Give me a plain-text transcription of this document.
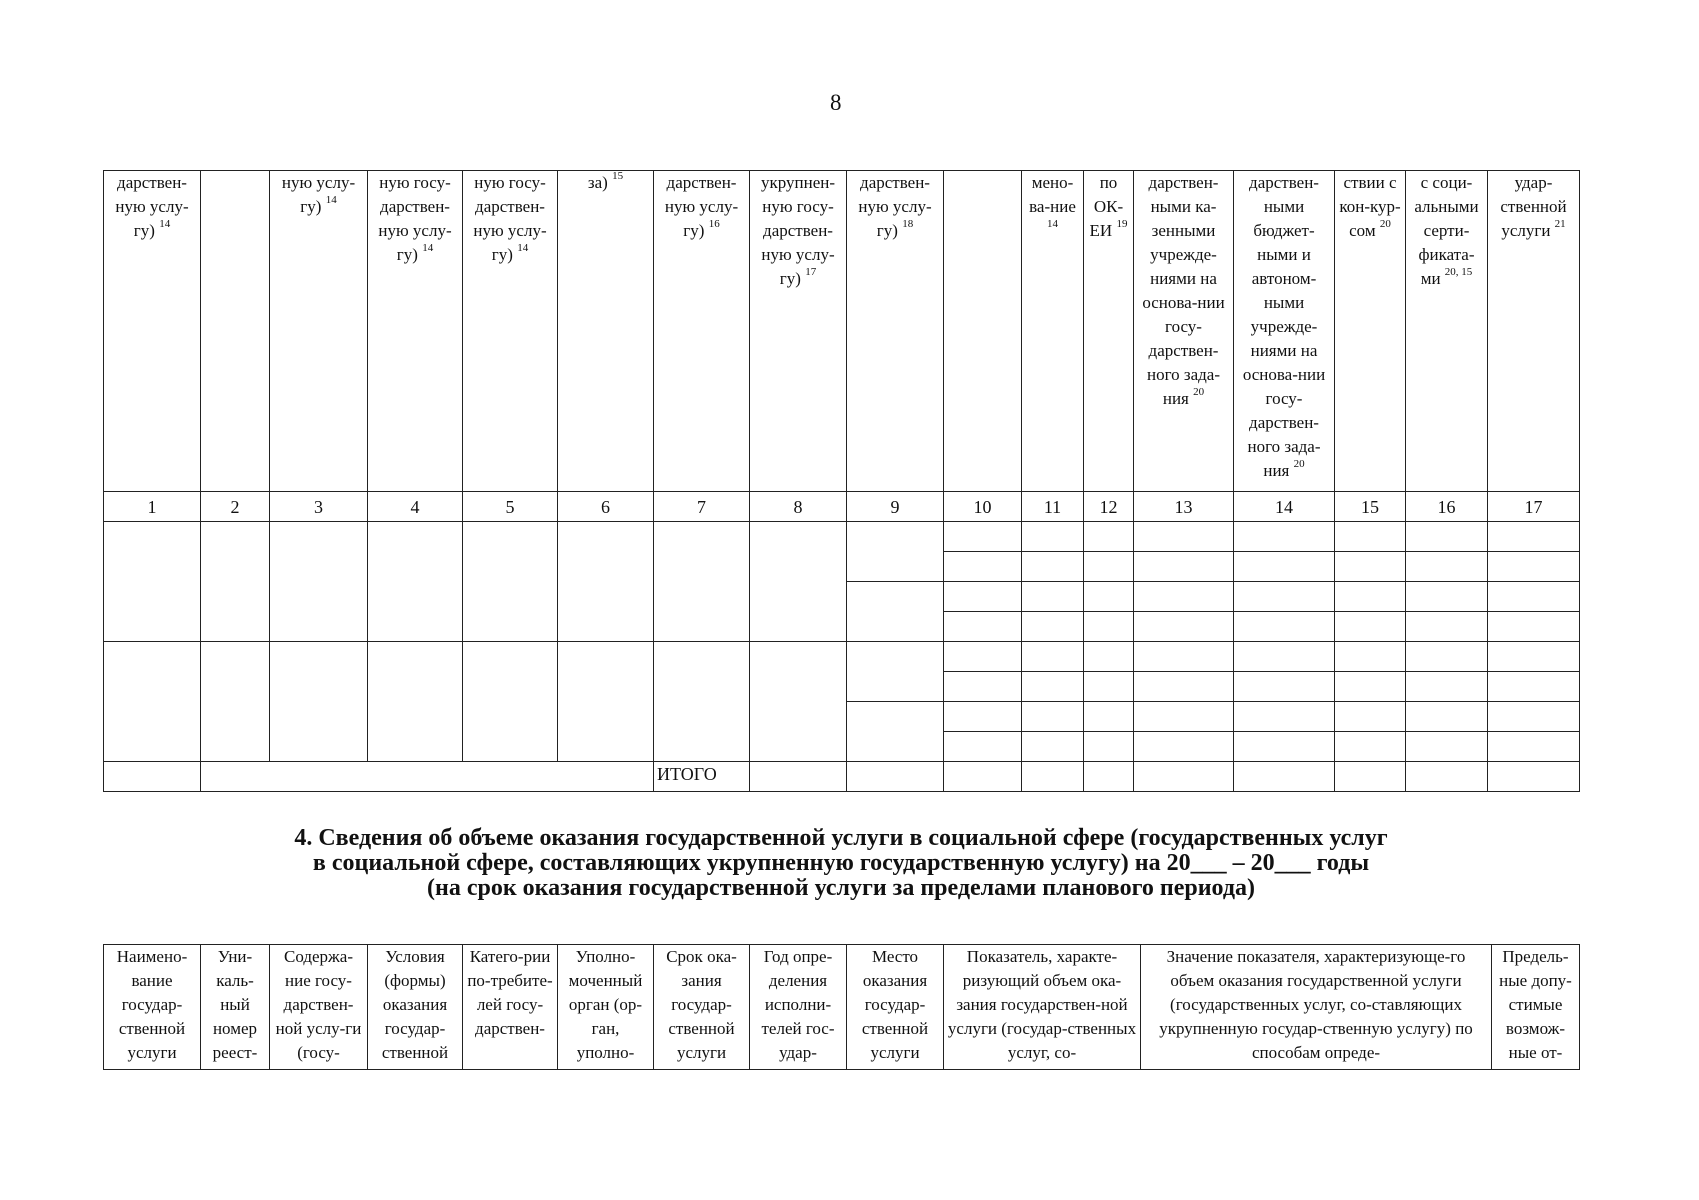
8
дарствен-ную услу-гу) $^{14}$		ную услу-гу) $^{14}$	ную госу-дарствен-ную услу-гу) $^{14}$	ную госу-дарствен-ную услу-гу) $^{14}$	за) $^{15}$	дарствен-ную услу-гу) $^{16}$	укрупнен-ную госу-дарствен-ную услу-гу) $^{17}$	дарствен-ную услу-гу) $^{18}$		мено-ва-ние $^{14}$	по ОК-ЕИ $^{19}$	дарствен-ными ка-зенными учрежде-ниями на основа-нии госу-дарствен-ного зада-ния $^{20}$	дарствен-ными бюджет-ными и автоном-ными учрежде-ниями на основа-нии госу-дарствен-ного зада-ния $^{20}$	ствии с кон-кур-сом $^{20}$	с соци-альными серти-фиката-ми $^{20, 15}$	удар-ственной услуги $^{21}$
1	2	3	4	5	6	7	8	9	10	11	12	13	14	15	16	17

						ИТОГО										
4. Сведения об объеме оказания государственной услуги в социальной сфере (государственных услуг
в социальной сфере, составляющих укрупненную государственную услугу) на 20___ – 20___ годы
(на срок оказания государственной услуги за пределами планового периода)
Наимено-вание государ-ственной услуги	Уни-каль-ный номер реест-	Содержа-ние госу-дарствен-ной услу-ги (госу-	Условия (формы) оказания государ-ственной	Катего-рии по-требите-лей госу-дарствен-	Уполно-моченный орган (ор-ган, уполно-	Срок ока-зания государ-ственной услуги	Год опре-деления исполни-телей гос-удар-	Место оказания государ-ственной услуги	Показатель, характе-ризующий объем ока-зания государствен-ной услуги (государ-ственных услуг, со-	Значение показателя, характеризующе-го объем оказания государственной услуги (государственных услуг, со-ставляющих укрупненную государ-ственную услугу) по способам опреде-	Предель-ные допу-стимые возмож-ные от-
